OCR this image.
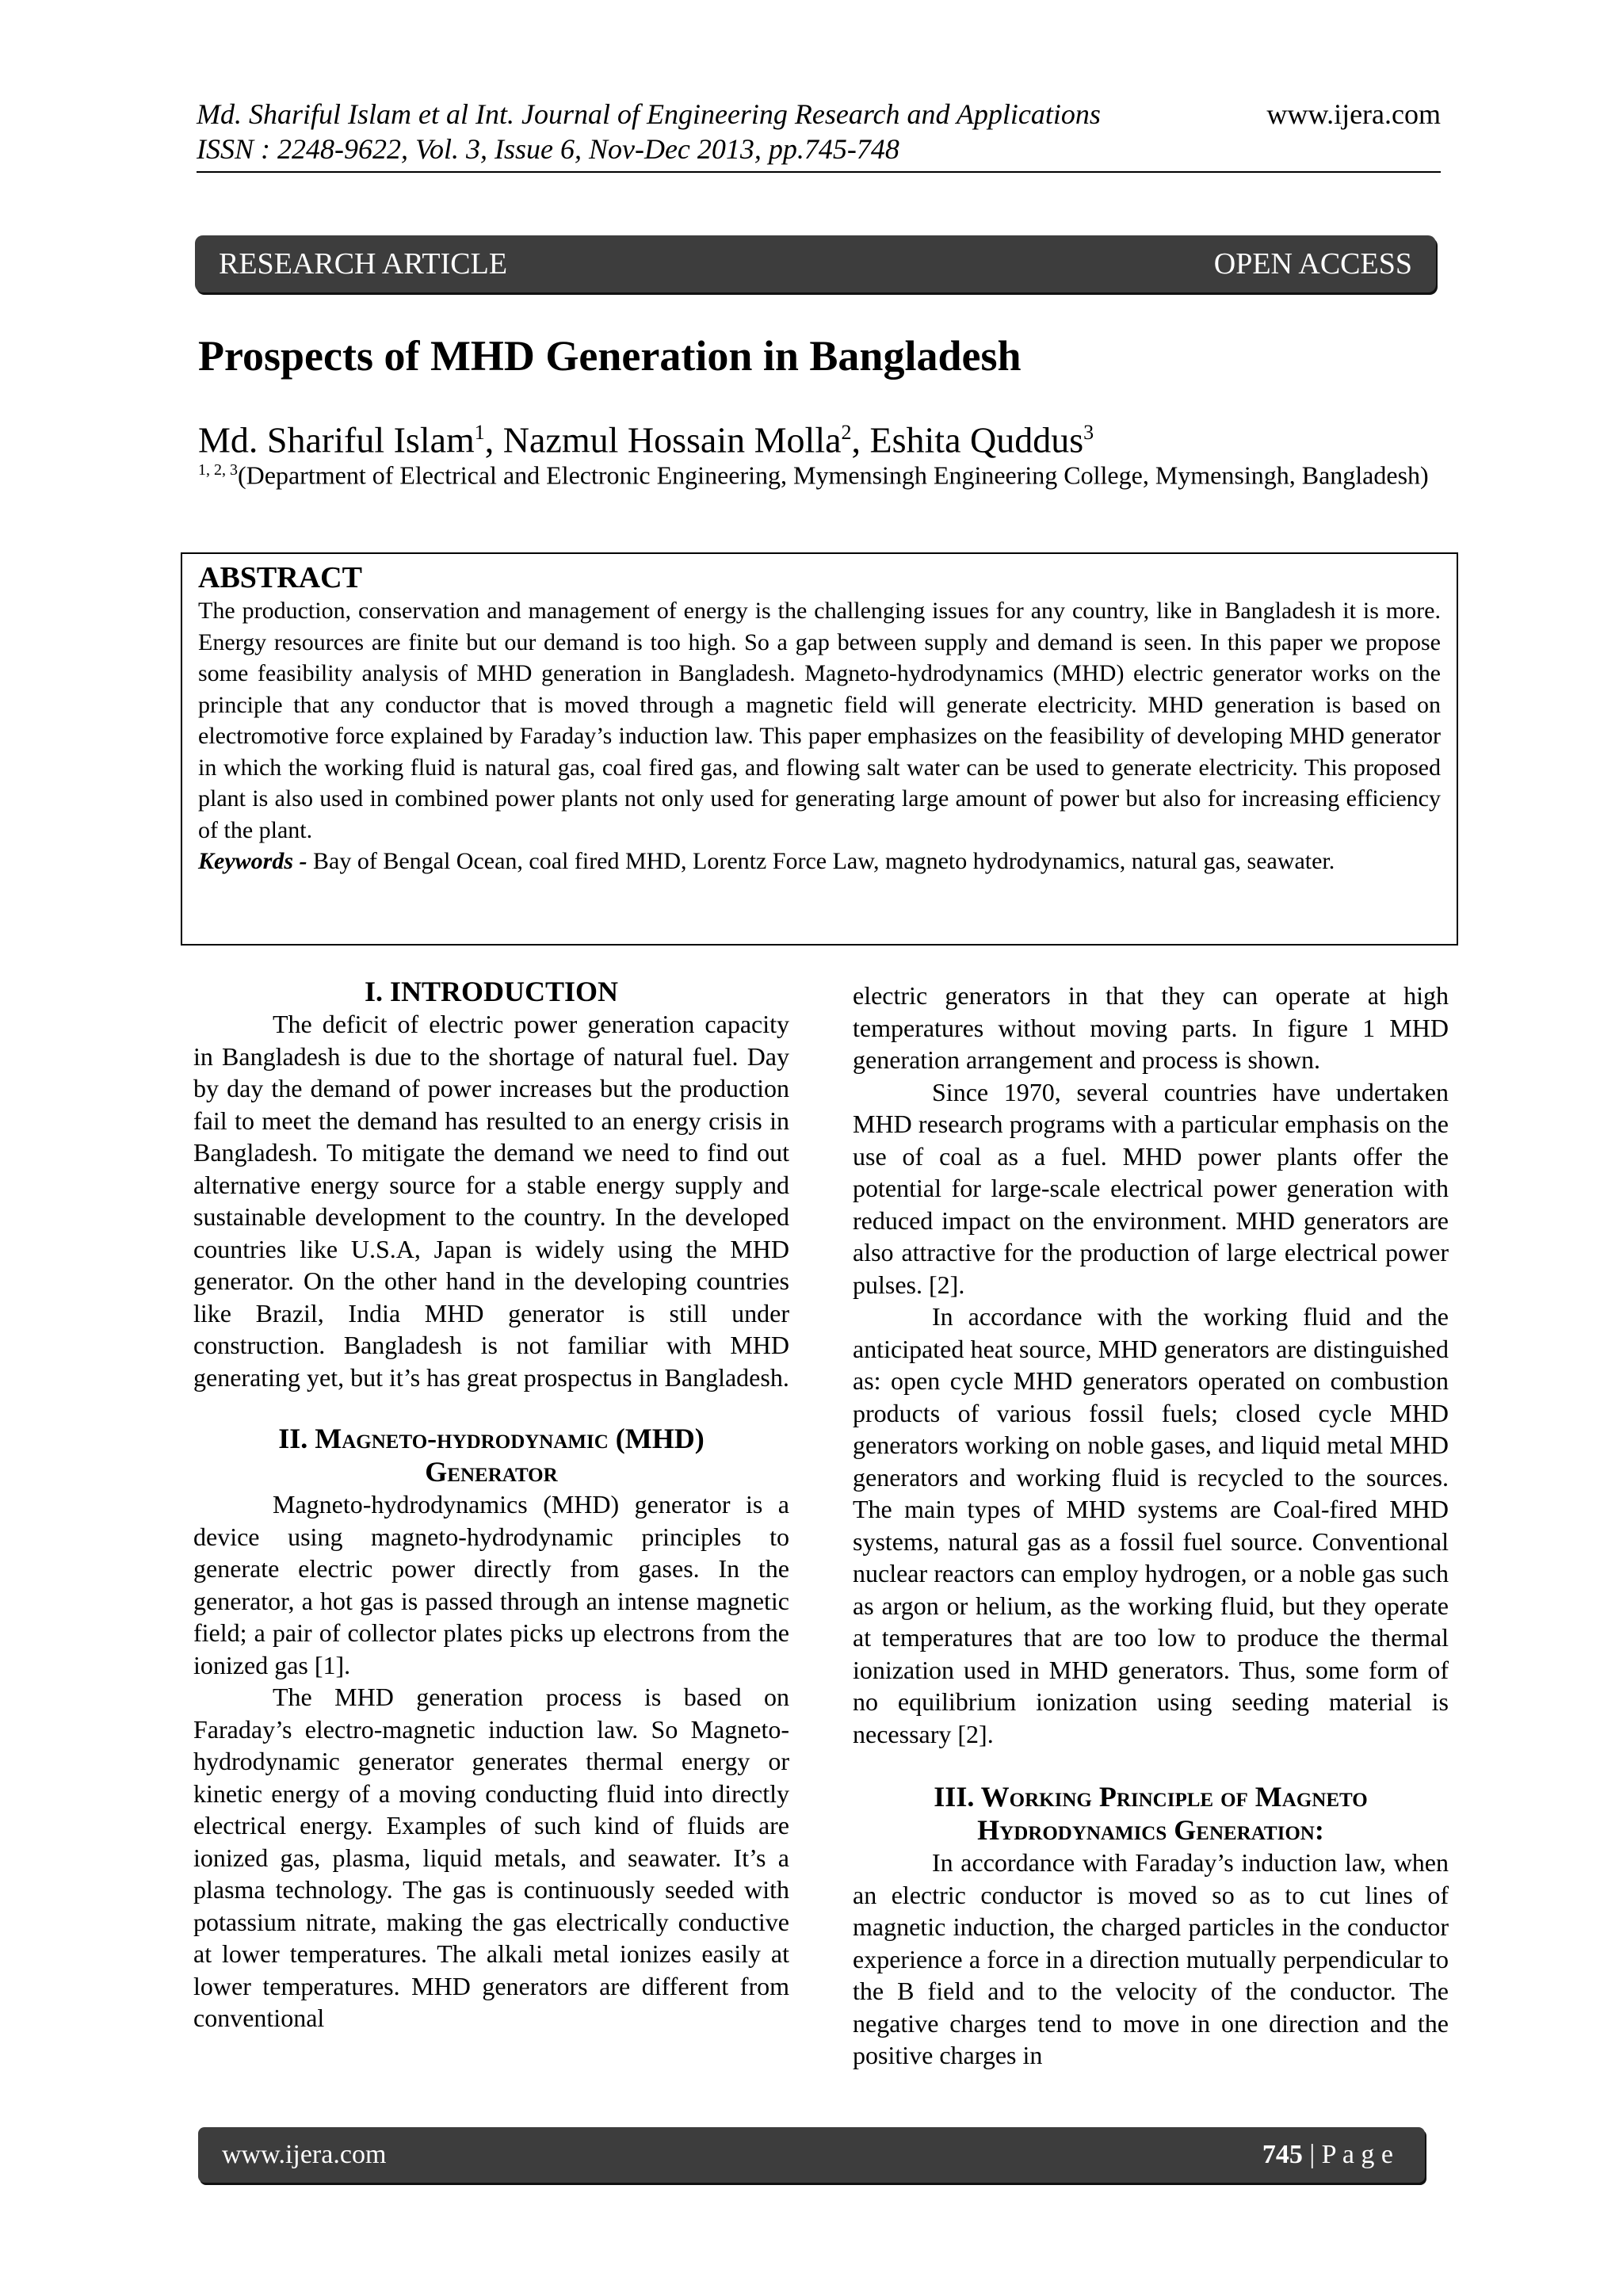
Md. Shariful Islam et al Int. Journal of Engineering Research and Applications
ISSN : 2248-9622, Vol. 3, Issue 6, Nov-Dec 2013, pp.745-748
www.ijera.com
RESEARCH ARTICLE	OPEN ACCESS
Prospects of MHD Generation in Bangladesh
Md. Shariful Islam$^1$, Nazmul Hossain Molla$^2$, Eshita Quddus$^3$
$^{1, 2, 3}$(Department of Electrical and Electronic Engineering, Mymensingh Engineering College, Mymensingh, Bangladesh)
ABSTRACT

The production, conservation and management of energy is the challenging issues for any country, like in Bangladesh it is more. Energy resources are finite but our demand is too high. So a gap between supply and demand is seen. In this paper we propose some feasibility analysis of MHD generation in Bangladesh. Magneto-hydrodynamics (MHD) electric generator works on the principle that any conductor that is moved through a magnetic field will generate electricity. MHD generation is based on electromotive force explained by Faraday’s induction law. This paper emphasizes on the feasibility of developing MHD generator in which the working fluid is natural gas, coal fired gas, and flowing salt water can be used to generate electricity. This proposed plant is also used in combined power plants not only used for generating large amount of power but also for increasing efficiency of the plant.

Keywords - Bay of Bengal Ocean, coal fired MHD, Lorentz Force Law, magneto hydrodynamics, natural gas, seawater.

I. INTRODUCTION

The deficit of electric power generation capacity in Bangladesh is due to the shortage of natural fuel. Day by day the demand of power increases but the production fail to meet the demand has resulted to an energy crisis in Bangladesh. To mitigate the demand we need to find out alternative energy source for a stable energy supply and sustainable development to the country. In the developed countries like U.S.A, Japan is widely using the MHD generator. On the other hand in the developing countries like Brazil, India MHD generator is still under construction. Bangladesh is not familiar with MHD generating yet, but it’s has great prospectus in Bangladesh.

II. Magneto-hydrodynamic (MHD)
Generator

Magneto-hydrodynamics (MHD) generator is a device using magneto-hydrodynamic principles to generate electric power directly from gases. In the generator, a hot gas is passed through an intense magnetic field; a pair of collector plates picks up electrons from the ionized gas [1].

The MHD generation process is based on Faraday’s electro-magnetic induction law. So Magneto-hydrodynamic generator generates thermal energy or kinetic energy of a moving conducting fluid into directly electrical energy. Examples of such kind of fluids are ionized gas, plasma, liquid metals, and seawater. It’s a plasma technology. The gas is continuously seeded with potassium nitrate, making the gas electrically conductive at lower temperatures. The alkali metal ionizes easily at lower temperatures. MHD generators are different from conventional

electric generators in that they can operate at high temperatures without moving parts. In figure 1 MHD generation arrangement and process is shown.

Since 1970, several countries have undertaken MHD research programs with a particular emphasis on the use of coal as a fuel. MHD power plants offer the potential for large-scale electrical power generation with reduced impact on the environment. MHD generators are also attractive for the production of large electrical power pulses. [2].

In accordance with the working fluid and the anticipated heat source, MHD generators are distinguished as: open cycle MHD generators operated on combustion products of various fossil fuels; closed cycle MHD generators working on noble gases, and liquid metal MHD generators and working fluid is recycled to the sources. The main types of MHD systems are Coal-fired MHD systems, natural gas as a fossil fuel source. Conventional nuclear reactors can employ hydrogen, or a noble gas such as argon or helium, as the working fluid, but they operate at temperatures that are too low to produce the thermal ionization used in MHD generators. Thus, some form of no equilibrium ionization using seeding material is necessary [2].

III. Working Principle of Magneto
Hydrodynamics Generation:

In accordance with Faraday’s induction law, when an electric conductor is moved so as to cut lines of magnetic induction, the charged particles in the conductor experience a force in a direction mutually perpendicular to the B field and to the velocity of the conductor. The negative charges tend to move in one direction and the positive charges in

www.ijera.com	745 | P a g e
